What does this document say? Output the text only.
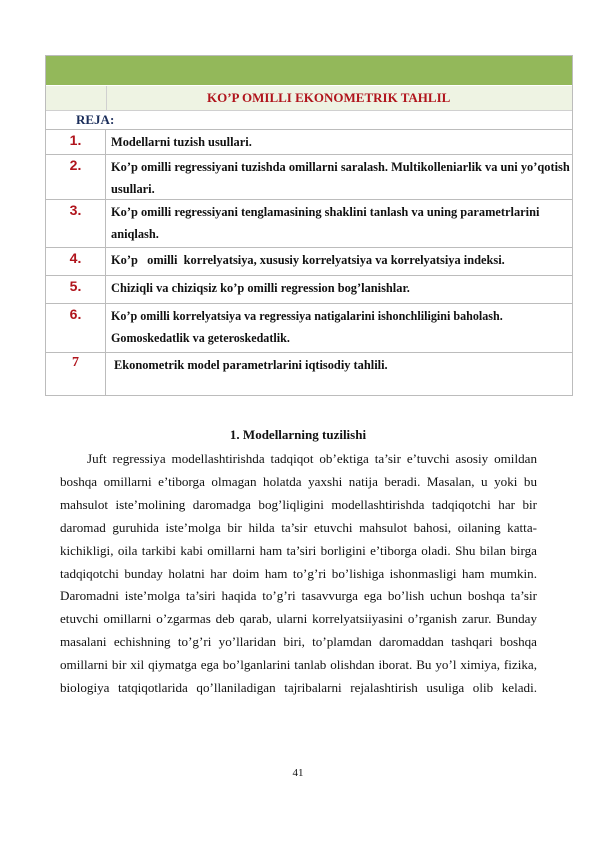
KO’P OMILLI EKONOMETRIK TAHLIL
REJA:
1.	Modellarni tuzish usullari.
2.	Ko’p omilli regressiyani tuzishda omillarni saralash. Multikolleniarlik va uni yo’qotish usullari.
3.	Ko’p omilli regressiyani tenglamasining shaklini tanlash va uning parametrlarini aniqlash.
4.	Ko’p   omilli  korrelyatsiya, xususiy korrelyatsiya va korrelyatsiya indeksi.
5.	Chiziqli va chiziqsiz ko’p omilli regression bog’lanishlar.
6.	Ko’p omilli korrelyatsiya va regressiya natigalarini ishonchliligini baholash. Gomoskedatlik va geteroskedatlik.
7	Ekonometrik model parametrlarini iqtisodiy tahlili.
1. Modellarning tuzilishi

Juft regressiya modellashtirishda tadqiqot ob’ektiga ta’sir e’tuvchi asosiy omildan boshqa omillarni e’tiborga olmagan holatda yaxshi natija beradi. Masalan, u yoki bu mahsulot iste’molining daromadga bog’liqligini modellashtirishda tadqiqotchi har bir daromad guruhida iste’molga bir hilda ta’sir etuvchi mahsulot bahosi, oilaning katta-kichikligi, oila tarkibi kabi omillarni ham ta’siri borligini e’tiborga oladi. Shu bilan birga tadqiqotchi bunday holatni har doim ham to’g’ri bo’lishiga ishonmasligi ham mumkin. Daromadni iste’molga ta’siri haqida to’g’ri tasavvurga ega bo’lish uchun boshqa ta’sir etuvchi omillarni o’zgarmas deb qarab, ularni korrelyatsiiyasini o’rganish zarur. Bunday masalani echishning to’g’ri yo’llaridan biri, to’plamdan daromaddan tashqari boshqa omillarni bir xil qiymatga ega bo’lganlarini tanlab olishdan iborat. Bu yo’l ximiya, fizika, biologiya tatqiqotlarida qo’llaniladigan tajribalarni rejalashtirish usuliga olib keladi.

41
